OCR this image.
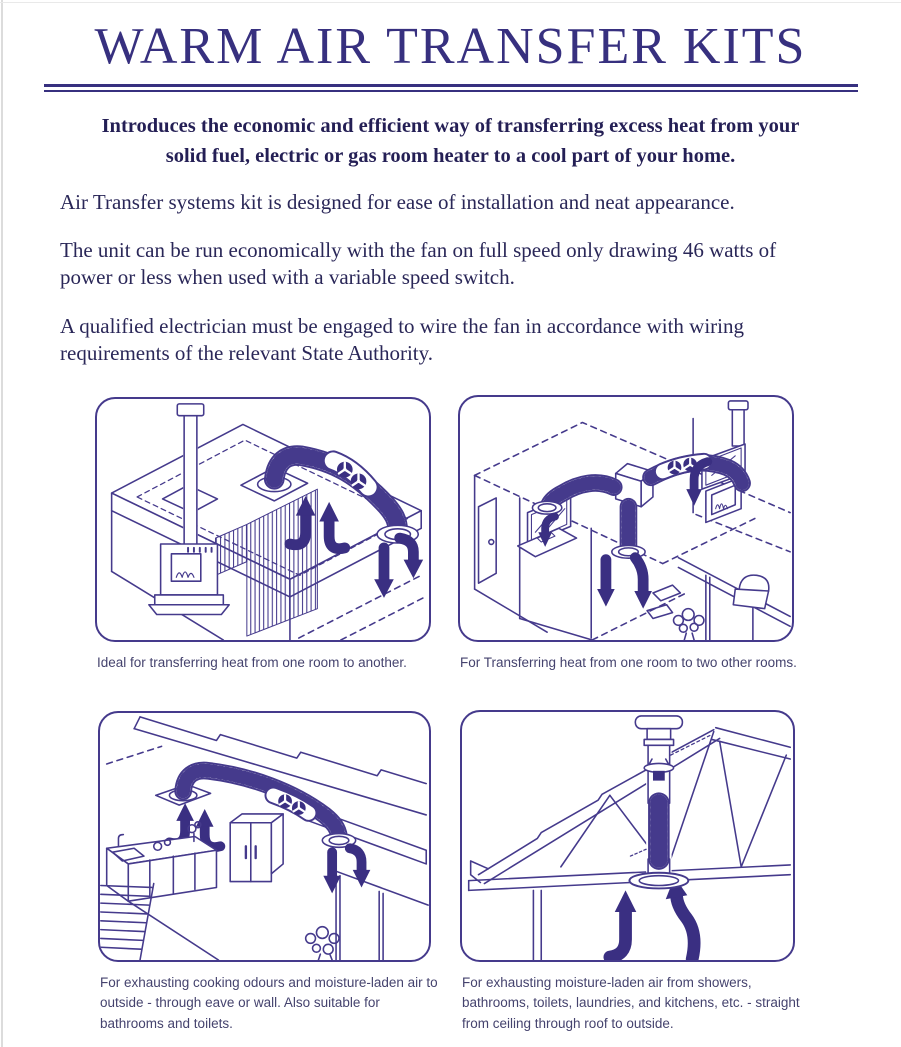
WARM AIR TRANSFER KITS
Introduces the economic and efficient way of transferring excess heat from your
solid fuel, electric or gas room heater to a cool part of your home.

Air Transfer systems kit is designed for ease of installation and neat appearance.

The unit can be run economically with the fan on full speed only drawing 46 watts of
power or less when used with a variable speed switch.

A qualified electrician must be engaged to wire the fan in accordance with wiring
requirements of the relevant State Authority.

Ideal for transferring heat from one room to another.	For Transferring heat from one room to two other rooms.
For exhausting cooking odours and moisture-laden air to
outside - through eave or wall. Also suitable for
bathrooms and toilets.
For exhausting moisture-laden air from showers,
bathrooms, toilets, laundries, and kitchens, etc. - straight
from ceiling through roof to outside.
